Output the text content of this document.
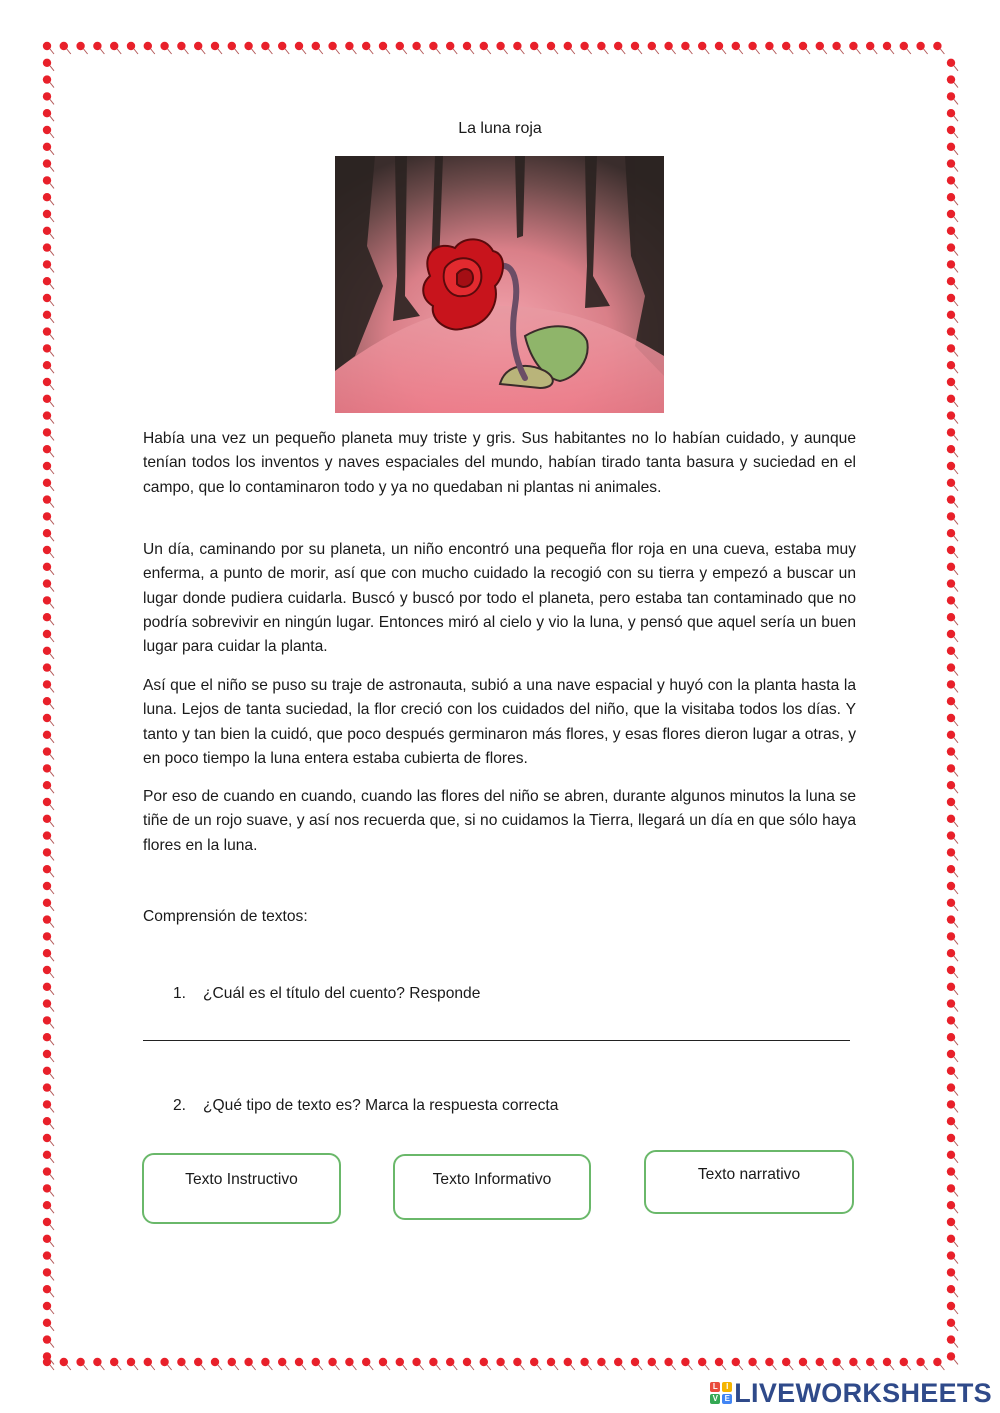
La luna roja

Había una vez un pequeño planeta muy triste y gris. Sus habitantes no lo habían cuidado, y aunque tenían todos los inventos y naves espaciales del mundo, habían tirado tanta basura y suciedad en el campo, que lo contaminaron todo y ya no quedaban ni plantas ni animales.

Un día, caminando por su planeta, un niño encontró una pequeña flor roja en una cueva, estaba muy enferma, a punto de morir, así que con mucho cuidado la recogió con su tierra y empezó a buscar un lugar donde pudiera cuidarla. Buscó y buscó por todo el planeta, pero estaba tan contaminado que no podría sobrevivir en ningún lugar. Entonces miró al cielo y vio la luna, y pensó que aquel sería un buen lugar para cuidar la planta.

Así que el niño se puso su traje de astronauta, subió a una nave espacial y huyó con la planta hasta la luna. Lejos de tanta suciedad, la flor creció con los cuidados del niño, que la visitaba todos los días. Y tanto y tan bien la cuidó, que poco después germinaron más flores, y esas flores dieron lugar a otras, y en poco tiempo la luna entera estaba cubierta de flores.

Por eso de cuando en cuando, cuando las flores del niño se abren, durante algunos minutos la luna se tiñe de un rojo suave, y así nos recuerda que, si no cuidamos la Tierra, llegará un día en que sólo haya flores en la luna.

Comprensión de textos:
1. ¿Cuál es el título del cuento? Responde
2. ¿Qué tipo de texto es? Marca la respuesta correcta
Texto Instructivo	Texto Informativo	Texto narrativo
L	I
V E LIVEWORKSHEETS
